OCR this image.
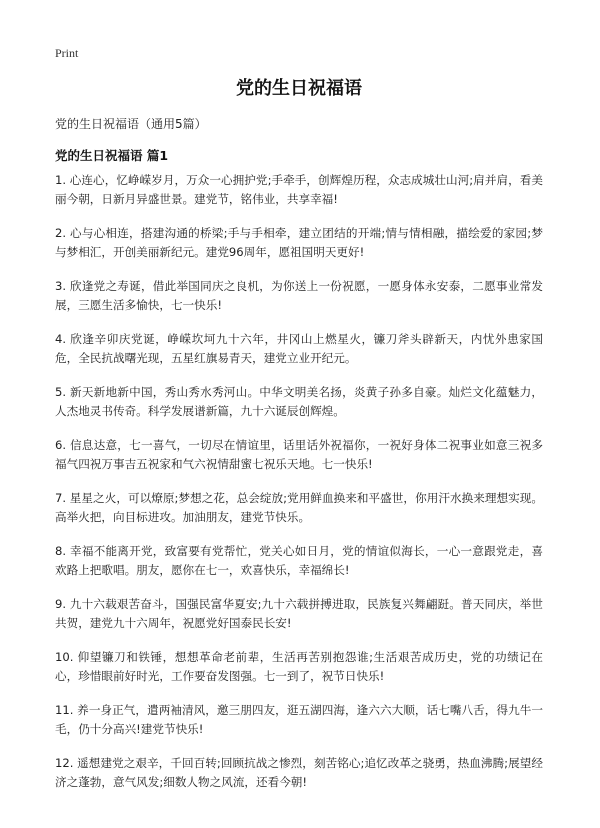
Print
党的生日祝福语
党的生日祝福语（通用5篇）
党的生日祝福语 篇1

1. 心连心，忆峥嵘岁月，万众一心拥护党;手牵手，创辉煌历程，众志成城壮山河;肩并肩，看美丽今朝，日新月异盛世景。建党节，铭伟业，共享幸福!

2. 心与心相连，搭建沟通的桥梁;手与手相牵，建立团结的开端;情与情相融，描绘爱的家园;梦与梦相汇，开创美丽新纪元。建党96周年，愿祖国明天更好!

3. 欣逢党之寿诞，借此举国同庆之良机，为你送上一份祝愿，一愿身体永安泰，二愿事业常发展，三愿生活多愉快，七一快乐!

4. 欣逢辛卯庆党诞，峥嵘坎坷九十六年，井冈山上燃星火，镰刀斧头辟新天，内忧外患家国危，全民抗战曙光现，五星红旗易青天，建党立业开纪元。

5. 新天新地新中国，秀山秀水秀河山。中华文明美名扬，炎黄子孙多自豪。灿烂文化蕴魅力，人杰地灵书传奇。科学发展谱新篇，九十六诞辰创辉煌。

6. 信息达意，七一喜气，一切尽在情谊里，话里话外祝福你，一祝好身体二祝事业如意三祝多福气四祝万事吉五祝家和气六祝情甜蜜七祝乐天地。七一快乐!

7. 星星之火，可以燎原;梦想之花，总会绽放;党用鲜血换来和平盛世，你用汗水换来理想实现。高举火把，向目标进攻。加油朋友，建党节快乐。

8. 幸福不能离开党，致富要有党帮忙，党关心如日月，党的情谊似海长，一心一意跟党走，喜欢路上把歌唱。朋友，愿你在七一，欢喜快乐，幸福绵长!

9. 九十六载艰苦奋斗，国强民富华夏安;九十六载拼搏进取，民族复兴舞翩跹。普天同庆，举世共贺，建党九十六周年，祝愿党好国泰民长安!

10. 仰望镰刀和铁锤，想想革命老前辈，生活再苦别抱怨谁;生活艰苦成历史，党的功绩记在心，珍惜眼前好时光，工作要奋发图强。七一到了，祝节日快乐!

11. 养一身正气，遣两袖清风，邀三朋四友，逛五湖四海，逢六六大顺，话七嘴八舌，得九牛一毛，仍十分高兴!建党节快乐!

12. 遥想建党之艰辛，千回百转;回顾抗战之惨烈，刻苦铭心;追忆改革之骁勇，热血沸腾;展望经济之蓬勃，意气风发;细数人物之风流，还看今朝!
